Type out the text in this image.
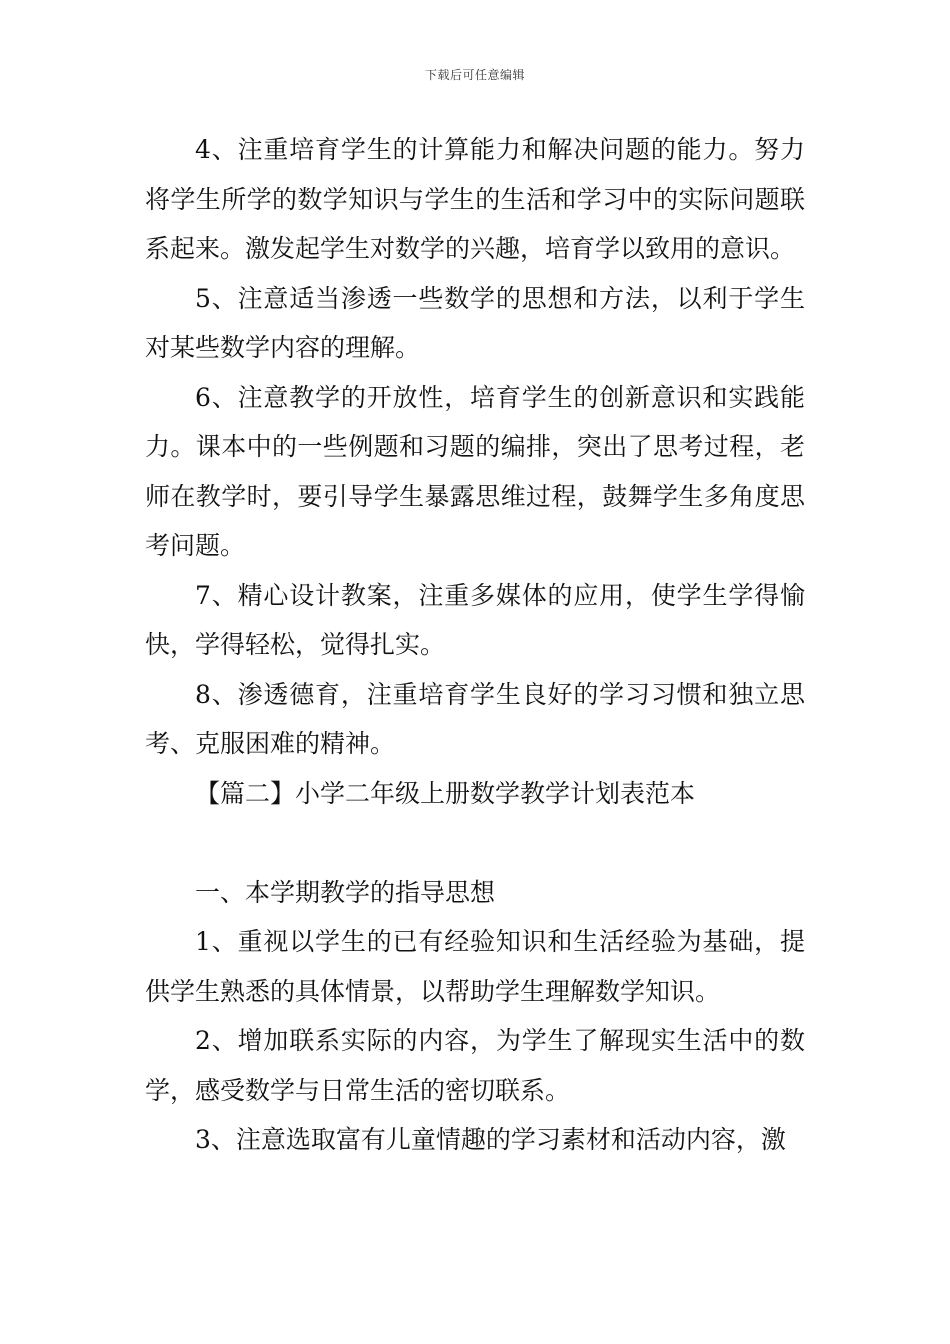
下载后可任意编辑

4、注重培育学生的计算能力和解决问题的能力。努力将学生所学的数学知识与学生的生活和学习中的实际问题联系起来。激发起学生对数学的兴趣，培育学以致用的意识。

5、注意适当渗透一些数学的思想和方法，以利于学生对某些数学内容的理解。

6、注意教学的开放性，培育学生的创新意识和实践能力。课本中的一些例题和习题的编排，突出了思考过程，老师在教学时，要引导学生暴露思维过程，鼓舞学生多角度思考问题。

7、精心设计教案，注重多媒体的应用，使学生学得愉快，学得轻松，觉得扎实。

8、渗透德育，注重培育学生良好的学习习惯和独立思考、克服困难的精神。

【篇二】小学二年级上册数学教学计划表范本

一、本学期教学的指导思想

1、重视以学生的已有经验知识和生活经验为基础，提供学生熟悉的具体情景，以帮助学生理解数学知识。

2、增加联系实际的内容，为学生了解现实生活中的数学，感受数学与日常生活的密切联系。

3、注意选取富有儿童情趣的学习素材和活动内容，激
